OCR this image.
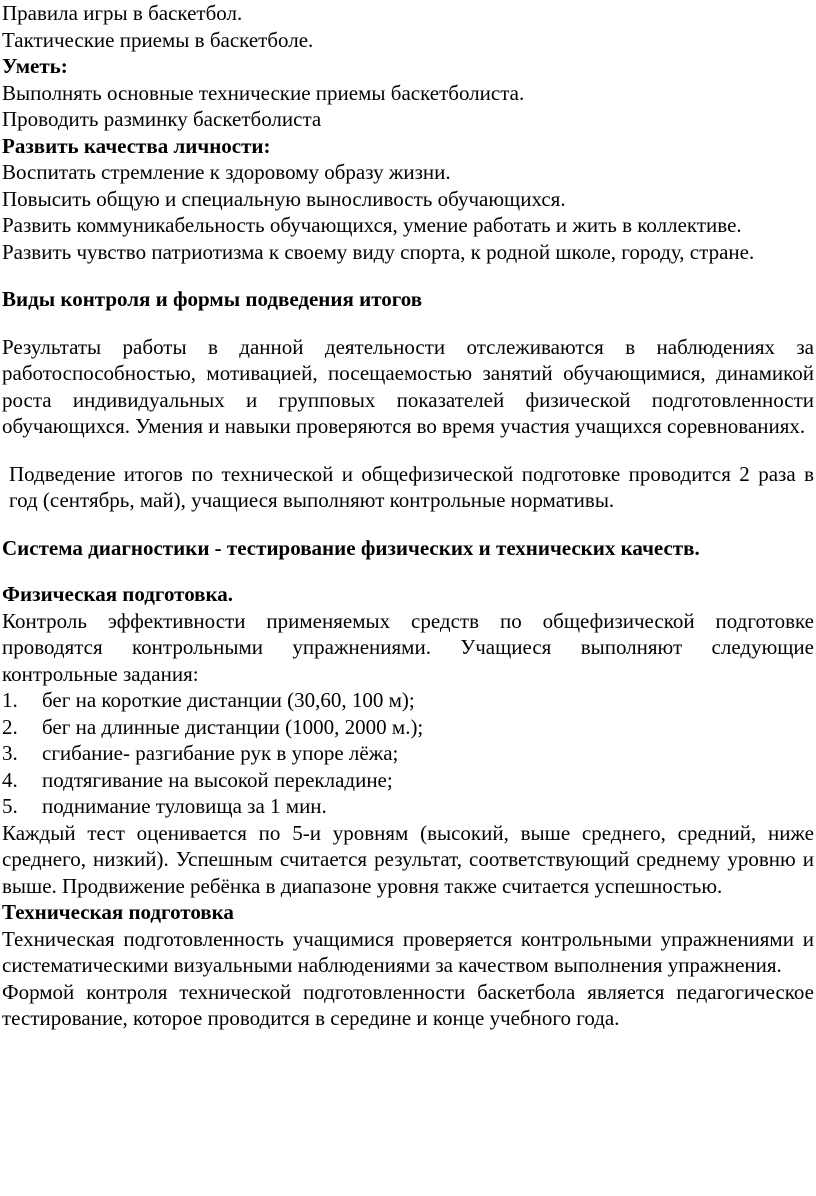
Правила игры в баскетбол.

Тактические приемы в баскетболе.

Уметь:

Выполнять основные технические приемы баскетболиста.

Проводить разминку баскетболиста

Развить качества личности:

Воспитать стремление к здоровому образу жизни.

Повысить общую и специальную выносливость обучающихся.

Развить коммуникабельность обучающихся, умение работать и жить в коллективе.

Развить чувство патриотизма к своему виду спорта, к родной школе, городу, стране.

Виды контроля и формы подведения итогов

Результаты работы в данной деятельности отслеживаются в наблюдениях за работоспособностью, мотивацией, посещаемостью занятий обучающимися, динамикой роста индивидуальных и групповых показателей физической подготовленности обучающихся. Умения и навыки проверяются во время участия учащихся соревнованиях.

Подведение итогов по технической и общефизической подготовке проводится 2 раза в год (сентябрь, май), учащиеся выполняют контрольные нормативы.

Система диагностики - тестирование физических и технических качеств.

Физическая подготовка.

Контроль эффективности применяемых средств по общефизической подготовке проводятся контрольными упражнениями. Учащиеся выполняют следующие контрольные задания:

1.	бег на короткие дистанции (30,60, 100 м);
2.	бег на длинные дистанции (1000, 2000 м.);
3.	сгибание- разгибание рук в упоре лёжа;
4.	подтягивание на высокой перекладине;
5.	поднимание туловища за 1 мин.

Каждый тест оценивается по 5-и уровням (высокий, выше среднего, средний, ниже среднего, низкий). Успешным считается результат, соответствующий среднему уровню и выше. Продвижение ребёнка в диапазоне уровня также считается успешностью.

Техническая подготовка

Техническая подготовленность учащимися проверяется контрольными упражнениями и систематическими визуальными наблюдениями за качеством выполнения упражнения.

Формой контроля технической подготовленности баскетбола является педагогическое тестирование, которое проводится в середине и конце учебного года.
